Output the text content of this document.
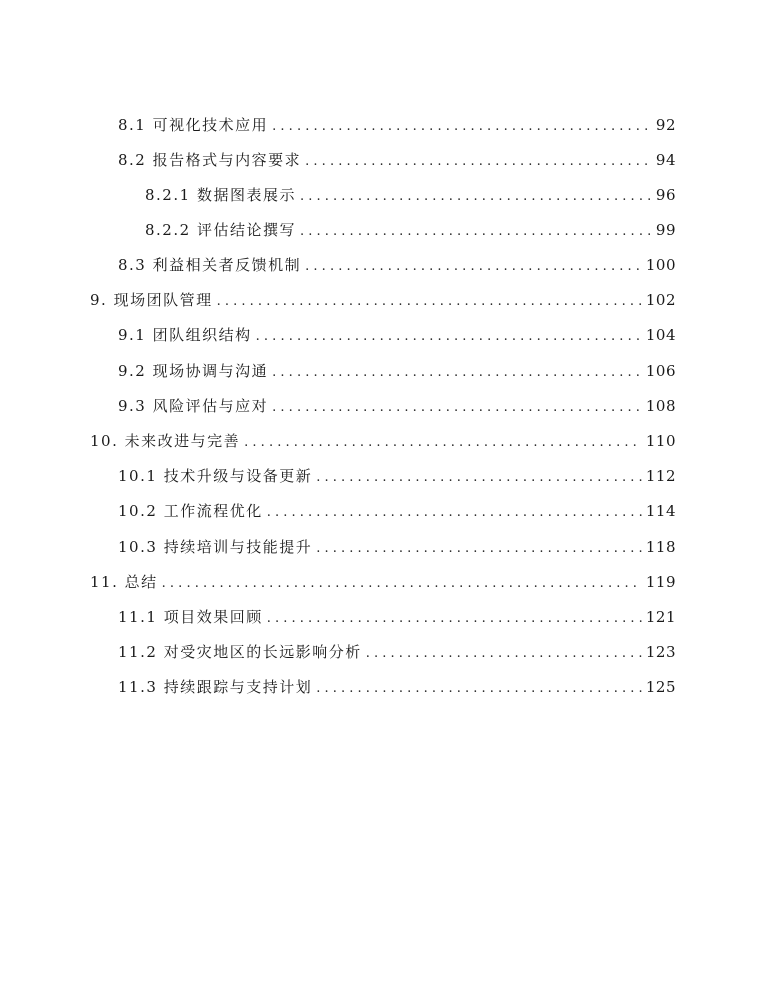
8.1 可视化技术应用 . . .	92
8.2 报告格式与内容要求 . . .	94
8.2.1 数据图表展示 . . .	96
8.2.2 评估结论撰写 . . .	99
8.3 利益相关者反馈机制 . . .	100
9. 现场团队管理 . . .	102
9.1 团队组织结构 . . .	104
9.2 现场协调与沟通 . . .	106
9.3 风险评估与应对 . . .	108
10. 未来改进与完善 . . .	110
10.1 技术升级与设备更新 . . .	112
10.2 工作流程优化 . . .	114
10.3 持续培训与技能提升 . . .	118
11. 总结 . . .	119
11.1 项目效果回顾 . . .	121
11.2 对受灾地区的长远影响分析 . . .	123
11.3 持续跟踪与支持计划 . . .	125
